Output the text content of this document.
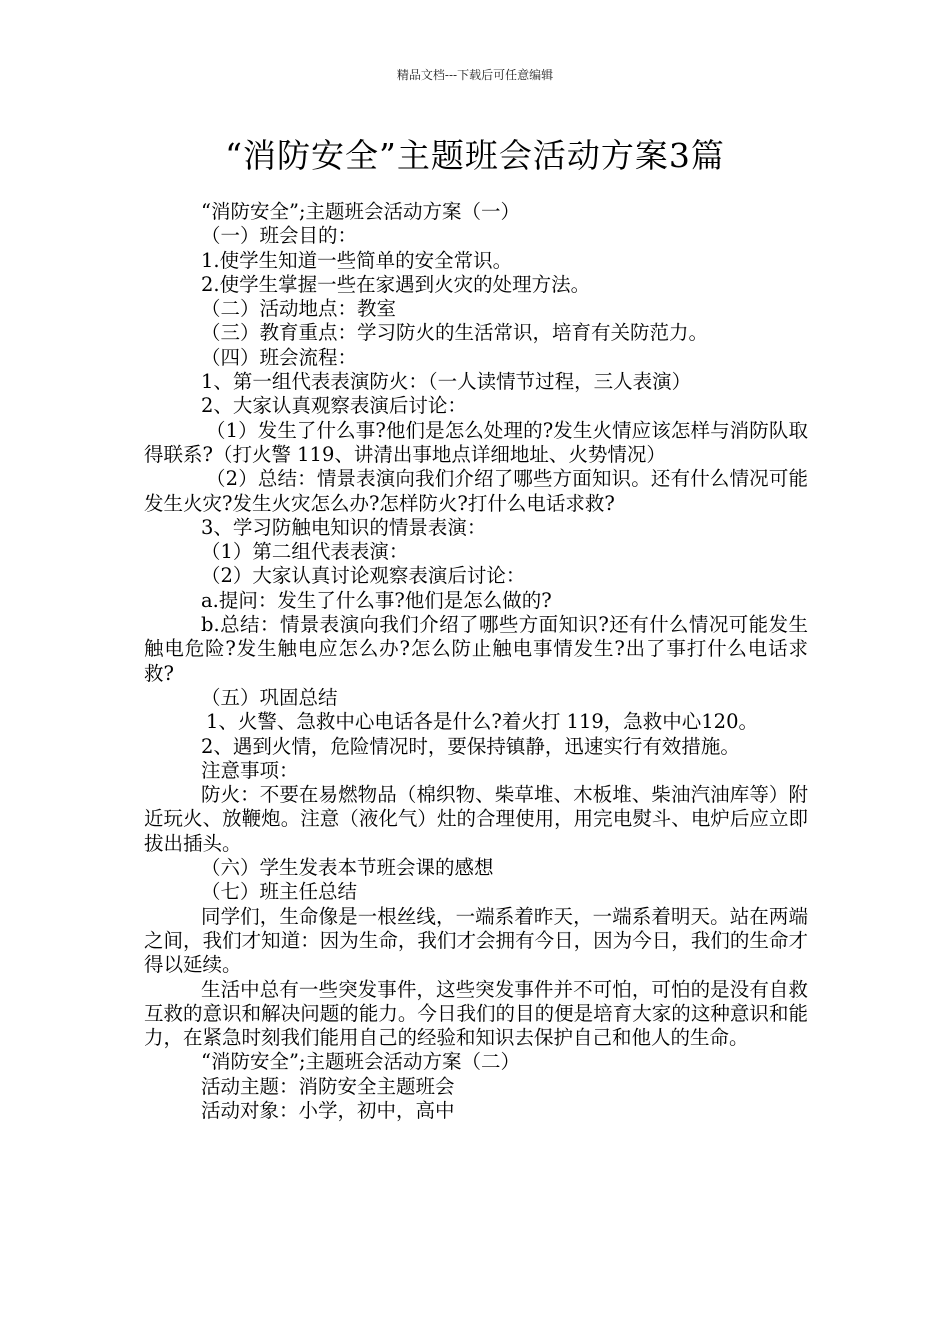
精品文档---下载后可任意编辑
“消防安全”主题班会活动方案3篇
“消防安全”;主题班会活动方案（一）
（一）班会目的：
1.使学生知道一些简单的安全常识。
2.使学生掌握一些在家遇到火灾的处理方法。
（二）活动地点：教室
（三）教育重点：学习防火的生活常识，培育有关防范力。
（四）班会流程：
1、第一组代表表演防火：（一人读情节过程，三人表演）
2、大家认真观察表演后讨论：
（1）发生了什么事?他们是怎么处理的?发生火情应该怎样与消防队取得联系?（打火警 119、讲清出事地点详细地址、火势情况）
（2）总结：情景表演向我们介绍了哪些方面知识。还有什么情况可能发生火灾?发生火灾怎么办?怎样防火?打什么电话求救?
3、学习防触电知识的情景表演：
（1）第二组代表表演：
（2）大家认真讨论观察表演后讨论：
a.提问：发生了什么事?他们是怎么做的?
b.总结：情景表演向我们介绍了哪些方面知识?还有什么情况可能发生触电危险?发生触电应怎么办?怎么防止触电事情发生?出了事打什么电话求救?
（五）巩固总结
1、火警、急救中心电话各是什么?着火打 119，急救中心120。
2、遇到火情，危险情况时，要保持镇静，迅速实行有效措施。
注意事项：
防火：不要在易燃物品（棉织物、柴草堆、木板堆、柴油汽油库等）附近玩火、放鞭炮。注意（液化气）灶的合理使用，用完电熨斗、电炉后应立即拔出插头。
（六）学生发表本节班会课的感想
（七）班主任总结
同学们，生命像是一根丝线，一端系着昨天，一端系着明天。站在两端之间，我们才知道：因为生命，我们才会拥有今日，因为今日，我们的生命才得以延续。
生活中总有一些突发事件，这些突发事件并不可怕，可怕的是没有自救互救的意识和解决问题的能力。今日我们的目的便是培育大家的这种意识和能力，在紧急时刻我们能用自己的经验和知识去保护自己和他人的生命。
“消防安全”;主题班会活动方案（二）
活动主题：消防安全主题班会
活动对象：小学，初中，高中
